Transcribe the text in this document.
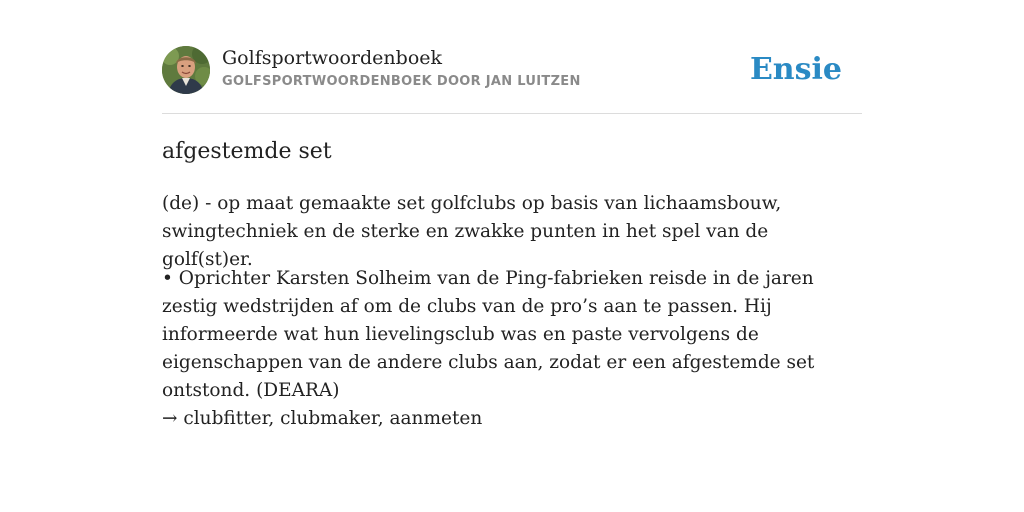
Golfsportwoordenboek
GOLFSPORTWOORDENBOEK DOOR JAN LUITZEN	Ensie
afgestemde set

(de) - op maat gemaakte set golfclubs op basis van lichaamsbouw, swingtechniek en de sterke en zwakke punten in het spel van de golf(st)er.

• Oprichter Karsten Solheim van de Ping-fabrieken reisde in de jaren zestig wedstrijden af om de clubs van de pro’s aan te passen. Hij informeerde wat hun lievelingsclub was en paste vervolgens de eigenschappen van de andere clubs aan, zodat er een afgestemde set ontstond. (DEARA)

→ clubfitter, clubmaker, aanmeten
